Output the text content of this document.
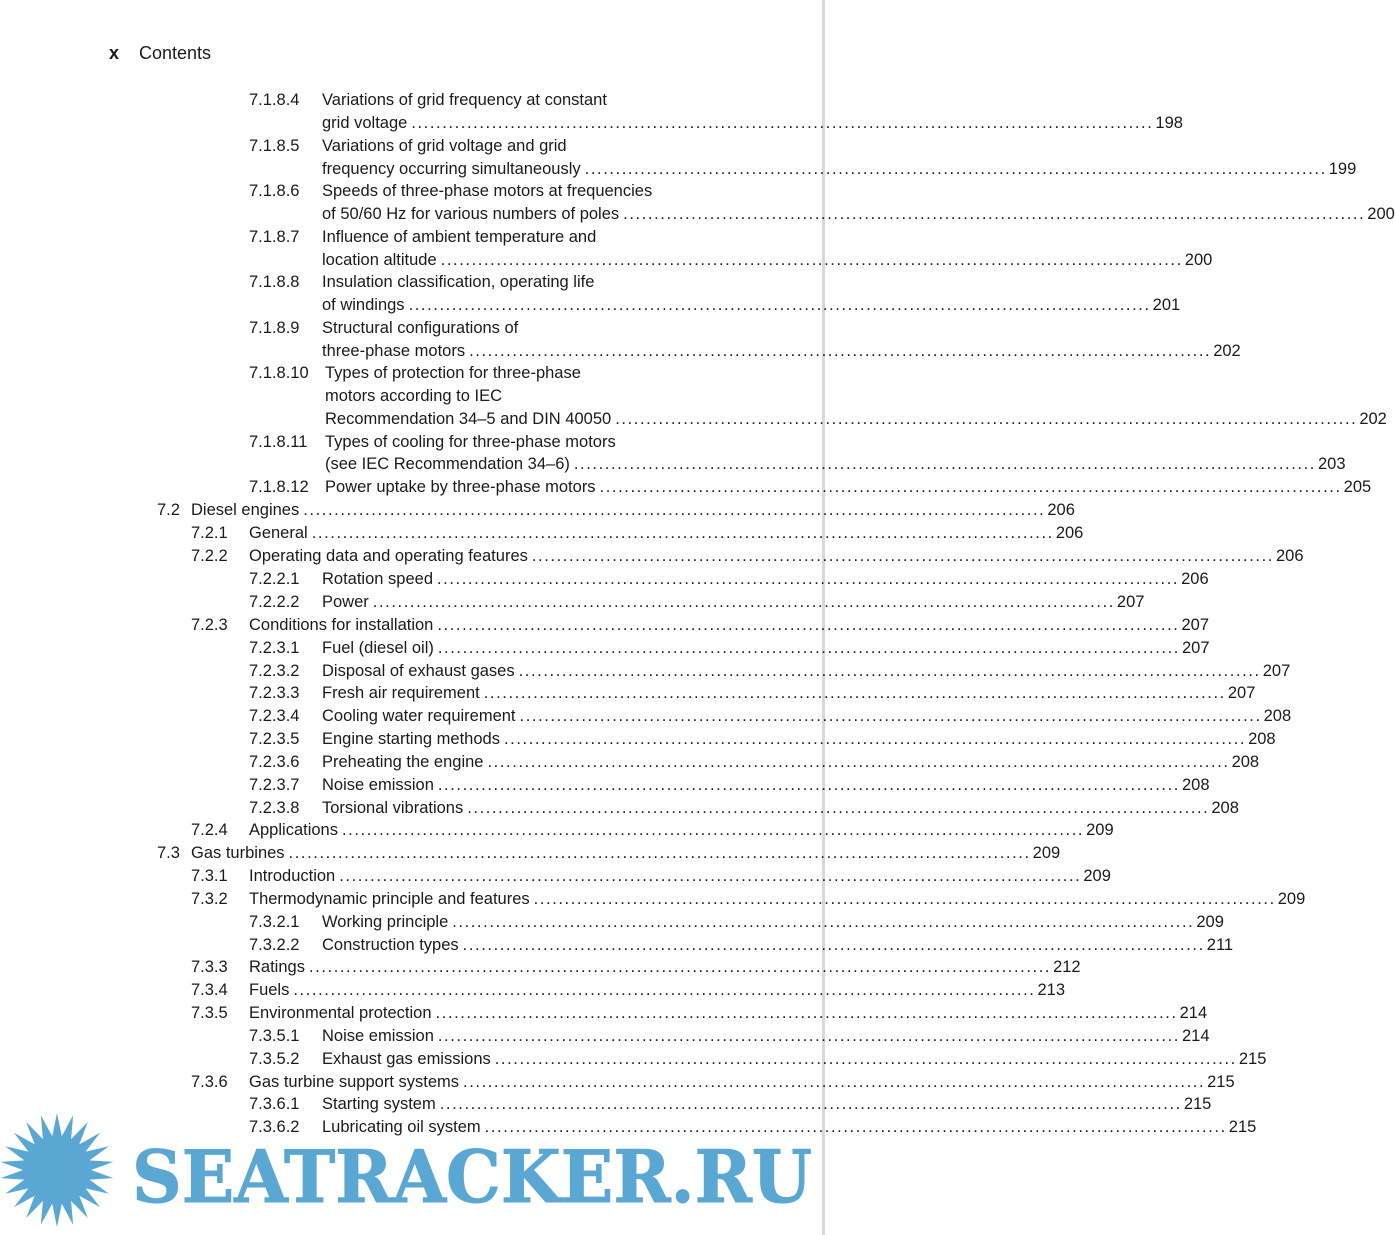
x Contents
7.1.8.4 Variations of grid frequency at constant
grid voltage ........................................................................................................................ 198
7.1.8.5 Variations of grid voltage and grid
frequency occurring simultaneously ........................................................................................................................ 199
7.1.8.6 Speeds of three-phase motors at frequencies
of 50/60 Hz for various numbers of poles ........................................................................................................................ 200
7.1.8.7 Influence of ambient temperature and
location altitude ........................................................................................................................ 200
7.1.8.8 Insulation classification, operating life
of windings ........................................................................................................................ 201
7.1.8.9 Structural configurations of
three-phase motors ........................................................................................................................ 202
7.1.8.10 Types of protection for three-phase
motors according to IEC
Recommendation 34–5 and DIN 40050 ........................................................................................................................ 202
7.1.8.11 Types of cooling for three-phase motors
(see IEC Recommendation 34–6) ........................................................................................................................ 203
7.1.8.12 Power uptake by three-phase motors ........................................................................................................................ 205
7.2 Diesel engines ........................................................................................................................ 206
7.2.1 General ........................................................................................................................ 206
7.2.2 Operating data and operating features ........................................................................................................................ 206
7.2.2.1 Rotation speed ........................................................................................................................ 206
7.2.2.2 Power ........................................................................................................................ 207
7.2.3 Conditions for installation ........................................................................................................................ 207
7.2.3.1 Fuel (diesel oil) ........................................................................................................................ 207
7.2.3.2 Disposal of exhaust gases ........................................................................................................................ 207
7.2.3.3 Fresh air requirement ........................................................................................................................ 207
7.2.3.4 Cooling water requirement ........................................................................................................................ 208
7.2.3.5 Engine starting methods ........................................................................................................................ 208
7.2.3.6 Preheating the engine ........................................................................................................................ 208
7.2.3.7 Noise emission ........................................................................................................................ 208
7.2.3.8 Torsional vibrations ........................................................................................................................ 208
7.2.4 Applications ........................................................................................................................ 209
7.3 Gas turbines ........................................................................................................................ 209
7.3.1 Introduction ........................................................................................................................ 209
7.3.2 Thermodynamic principle and features ........................................................................................................................ 209
7.3.2.1 Working principle ........................................................................................................................ 209
7.3.2.2 Construction types ........................................................................................................................ 211
7.3.3 Ratings ........................................................................................................................ 212
7.3.4 Fuels ........................................................................................................................ 213
7.3.5 Environmental protection ........................................................................................................................ 214
7.3.5.1 Noise emission ........................................................................................................................ 214
7.3.5.2 Exhaust gas emissions ........................................................................................................................ 215
7.3.6 Gas turbine support systems ........................................................................................................................ 215
7.3.6.1 Starting system ........................................................................................................................ 215
7.3.6.2 Lubricating oil system ........................................................................................................................ 215
SEATRACKER.RU
